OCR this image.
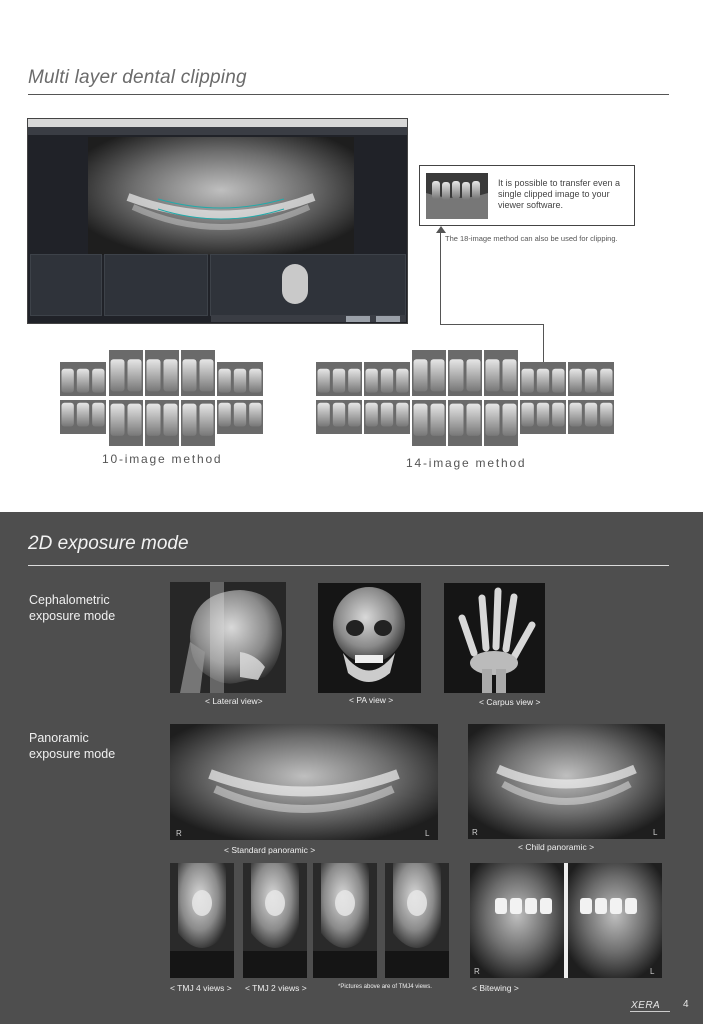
Multi layer dental clipping
It is possible to transfer even a single clipped image to your viewer software.
The 18-image method can also be used for clipping.
10-image method	14-image method
2D exposure mode
Cephalometric exposure mode
Panoramic exposure mode
< Lateral view>	< PA view >	< Carpus view >
R	L
< Standard panoramic >
R	L
< Child panoramic >
R	L
< TMJ 4 views > < TMJ 2 views >	*Pictures above are of TMJ4 views.	< Bitewing >
XERA 4
